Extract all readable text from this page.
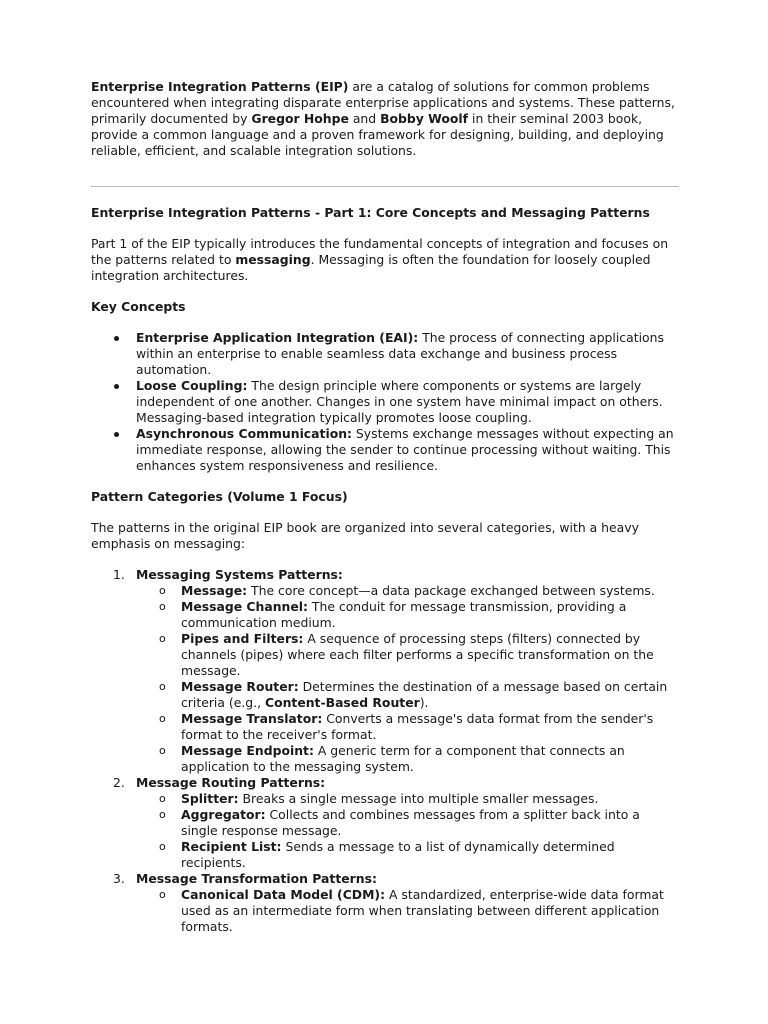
Enterprise Integration Patterns (EIP) are a catalog of solutions for common problems encountered when integrating disparate enterprise applications and systems. These patterns, primarily documented by Gregor Hohpe and Bobby Woolf in their seminal 2003 book, provide a common language and a proven framework for designing, building, and deploying reliable, efficient, and scalable integration solutions.

Enterprise Integration Patterns - Part 1: Core Concepts and Messaging Patterns

Part 1 of the EIP typically introduces the fundamental concepts of integration and focuses on the patterns related to messaging. Messaging is often the foundation for loosely coupled integration architectures.

Key Concepts

Enterprise Application Integration (EAI): The process of connecting applications within an enterprise to enable seamless data exchange and business process automation.
Loose Coupling: The design principle where components or systems are largely independent of one another. Changes in one system have minimal impact on others. Messaging-based integration typically promotes loose coupling.
Asynchronous Communication: Systems exchange messages without expecting an immediate response, allowing the sender to continue processing without waiting. This enhances system responsiveness and resilience.

Pattern Categories (Volume 1 Focus)

The patterns in the original EIP book are organized into several categories, with a heavy emphasis on messaging:

1. Messaging Systems Patterns:
o Message: The core concept—a data package exchanged between systems.
o Message Channel: The conduit for message transmission, providing a communication medium.
o Pipes and Filters: A sequence of processing steps (filters) connected by channels (pipes) where each filter performs a specific transformation on the message.
o Message Router: Determines the destination of a message based on certain criteria (e.g., Content-Based Router).
o Message Translator: Converts a message's data format from the sender's format to the receiver's format.
o Message Endpoint: A generic term for a component that connects an application to the messaging system.
2. Message Routing Patterns:
o Splitter: Breaks a single message into multiple smaller messages.
o Aggregator: Collects and combines messages from a splitter back into a single response message.
o Recipient List: Sends a message to a list of dynamically determined recipients.
3. Message Transformation Patterns:
o Canonical Data Model (CDM): A standardized, enterprise-wide data format used as an intermediate form when translating between different application formats.
